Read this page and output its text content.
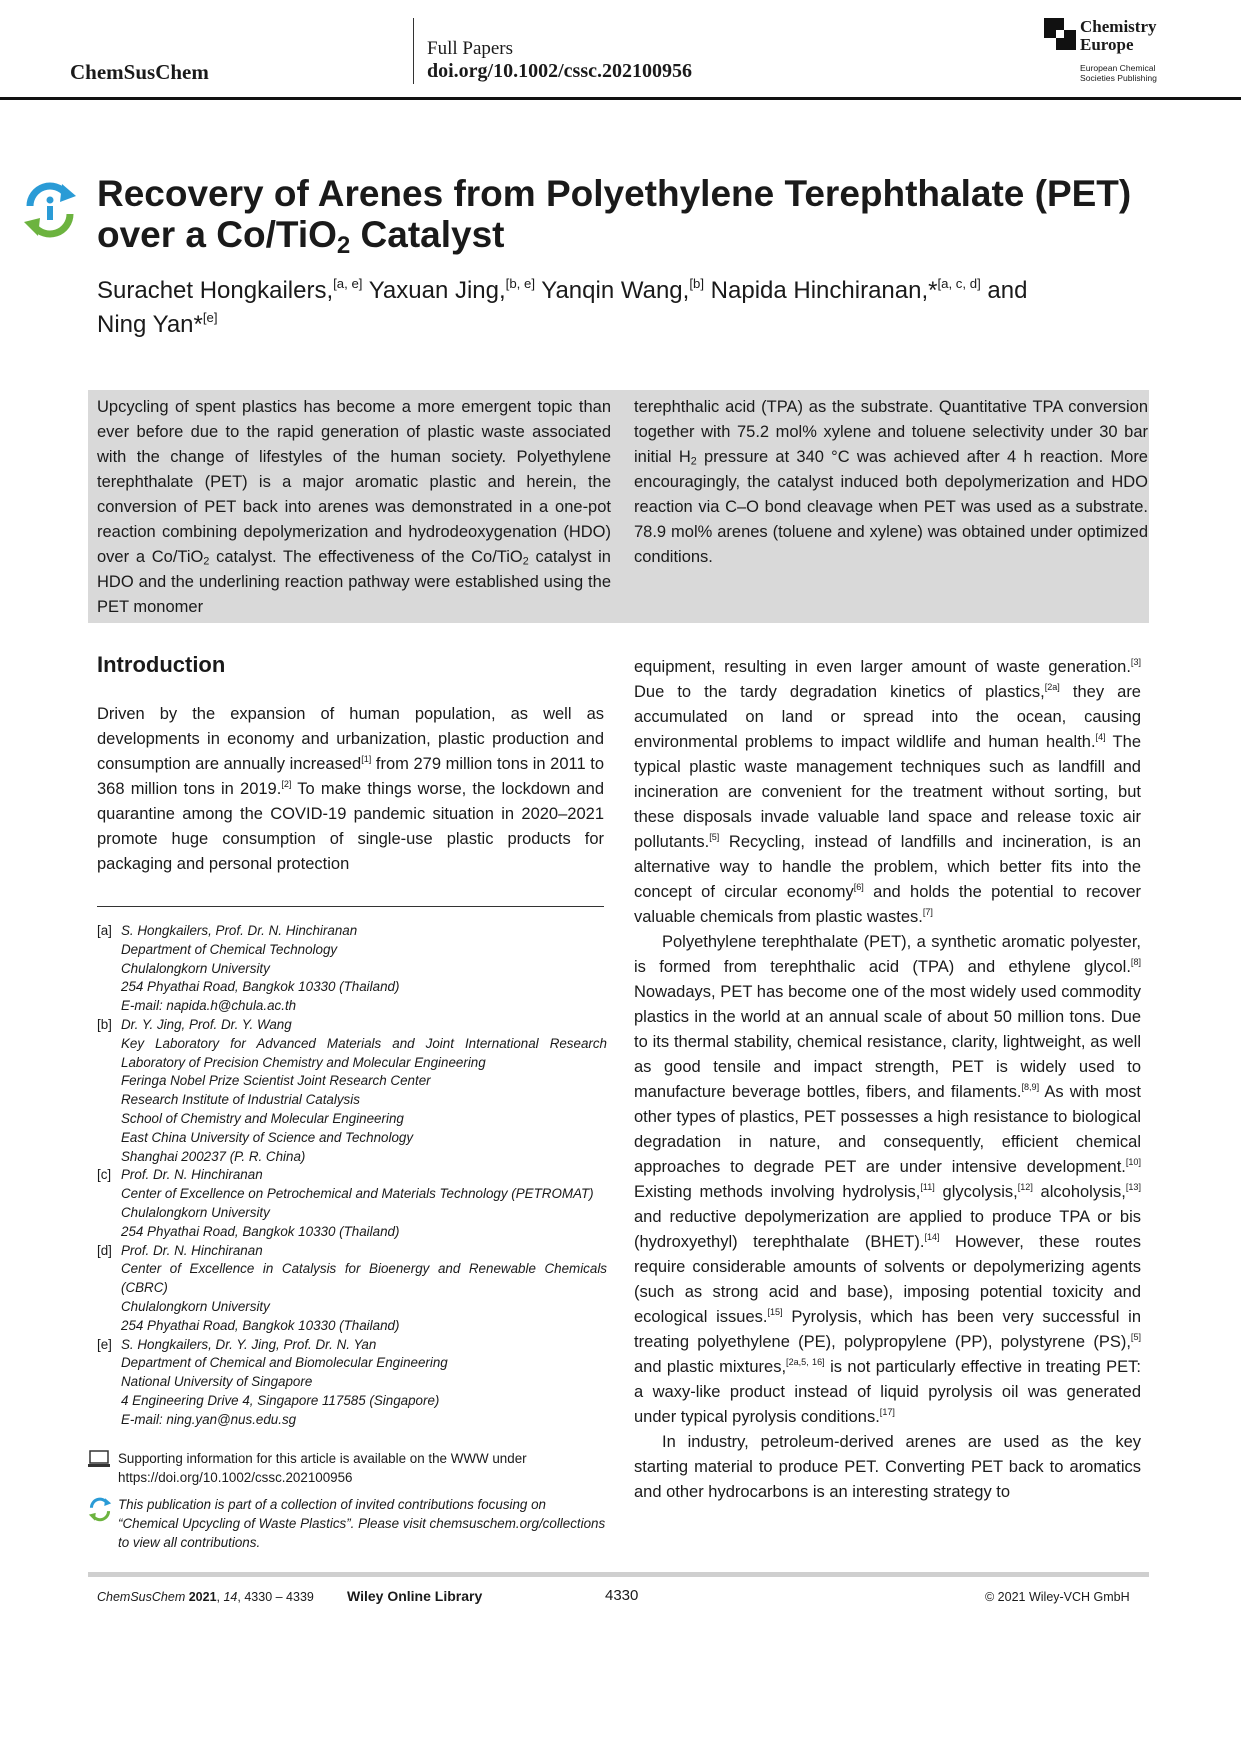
ChemSusChem
Full Papers
doi.org/10.1002/cssc.202100956
Chemistry
Europe
European Chemical
Societies Publishing
Recovery of Arenes from Polyethylene Terephthalate (PET)
over a Co/TiO$_2$ Catalyst
Surachet Hongkailers,[a, e] Yaxuan Jing,[b, e] Yanqin Wang,[b] Napida Hinchiranan,*[a, c, d] and
Ning Yan*[e]
Upcycling of spent plastics has become a more emergent topic than ever before due to the rapid generation of plastic waste associated with the change of lifestyles of the human society. Polyethylene terephthalate (PET) is a major aromatic plastic and herein, the conversion of PET back into arenes was demonstrated in a one-pot reaction combining depolymerization and hydrodeoxygenation (HDO) over a Co/TiO$_2$ catalyst. The effectiveness of the Co/TiO$_2$ catalyst in HDO and the underlining reaction pathway were established using the PET monomer
terephthalic acid (TPA) as the substrate. Quantitative TPA conversion together with 75.2 mol% xylene and toluene selectivity under 30 bar initial $H_2$ pressure at 340 °C was achieved after 4 h reaction. More encouragingly, the catalyst induced both depolymerization and HDO reaction via C–O bond cleavage when PET was used as a substrate. 78.9 mol% arenes (toluene and xylene) was obtained under optimized conditions.
Introduction
Driven by the expansion of human population, as well as developments in economy and urbanization, plastic production and consumption are annually increased[1] from 279 million tons in 2011 to 368 million tons in 2019.[2] To make things worse, the lockdown and quarantine among the COVID-19 pandemic situation in 2020–2021 promote huge consumption of single-use plastic products for packaging and personal protection
[a] S. Hongkailers, Prof. Dr. N. Hinchiranan
Department of Chemical Technology
Chulalongkorn University
254 Phyathai Road, Bangkok 10330 (Thailand)
E-mail: napida.h@chula.ac.th
[b] Dr. Y. Jing, Prof. Dr. Y. Wang
Key Laboratory for Advanced Materials and Joint International Research Laboratory of Precision Chemistry and Molecular Engineering
Feringa Nobel Prize Scientist Joint Research Center
Research Institute of Industrial Catalysis
School of Chemistry and Molecular Engineering
East China University of Science and Technology
Shanghai 200237 (P. R. China)
[c] Prof. Dr. N. Hinchiranan
Center of Excellence on Petrochemical and Materials Technology (PETROMAT)
Chulalongkorn University
254 Phyathai Road, Bangkok 10330 (Thailand)
[d] Prof. Dr. N. Hinchiranan
Center of Excellence in Catalysis for Bioenergy and Renewable Chemicals (CBRC)
Chulalongkorn University
254 Phyathai Road, Bangkok 10330 (Thailand)
[e] S. Hongkailers, Dr. Y. Jing, Prof. Dr. N. Yan
Department of Chemical and Biomolecular Engineering
National University of Singapore
4 Engineering Drive 4, Singapore 117585 (Singapore)
E-mail: ning.yan@nus.edu.sg
Supporting information for this article is available on the WWW under https://doi.org/10.1002/cssc.202100956
This publication is part of a collection of invited contributions focusing on “Chemical Upcycling of Waste Plastics”. Please visit chemsuschem.org/collections to view all contributions.

equipment, resulting in even larger amount of waste generation.[3] Due to the tardy degradation kinetics of plastics,[2a] they are accumulated on land or spread into the ocean, causing environmental problems to impact wildlife and human health.[4] The typical plastic waste management techniques such as landfill and incineration are convenient for the treatment without sorting, but these disposals invade valuable land space and release toxic air pollutants.[5] Recycling, instead of landfills and incineration, is an alternative way to handle the problem, which better fits into the concept of circular economy[6] and holds the potential to recover valuable chemicals from plastic wastes.[7]

Polyethylene terephthalate (PET), a synthetic aromatic polyester, is formed from terephthalic acid (TPA) and ethylene glycol.[8] Nowadays, PET has become one of the most widely used commodity plastics in the world at an annual scale of about 50 million tons. Due to its thermal stability, chemical resistance, clarity, lightweight, as well as good tensile and impact strength, PET is widely used to manufacture beverage bottles, fibers, and filaments.[8,9] As with most other types of plastics, PET possesses a high resistance to biological degradation in nature, and consequently, efficient chemical approaches to degrade PET are under intensive development.[10] Existing methods involving hydrolysis,[11] glycolysis,[12] alcoholysis,[13] and reductive depolymerization are applied to produce TPA or bis (hydroxyethyl) terephthalate (BHET).[14] However, these routes require considerable amounts of solvents or depolymerizing agents (such as strong acid and base), imposing potential toxicity and ecological issues.[15] Pyrolysis, which has been very successful in treating polyethylene (PE), polypropylene (PP), polystyrene (PS),[5] and plastic mixtures,[2a,5, 16] is not particularly effective in treating PET: a waxy-like product instead of liquid pyrolysis oil was generated under typical pyrolysis conditions.[17]

In industry, petroleum-derived arenes are used as the key starting material to produce PET. Converting PET back to aromatics and other hydrocarbons is an interesting strategy to

ChemSusChem 2021, 14, 4330 – 4339 Wiley Online Library	4330	© 2021 Wiley-VCH GmbH
